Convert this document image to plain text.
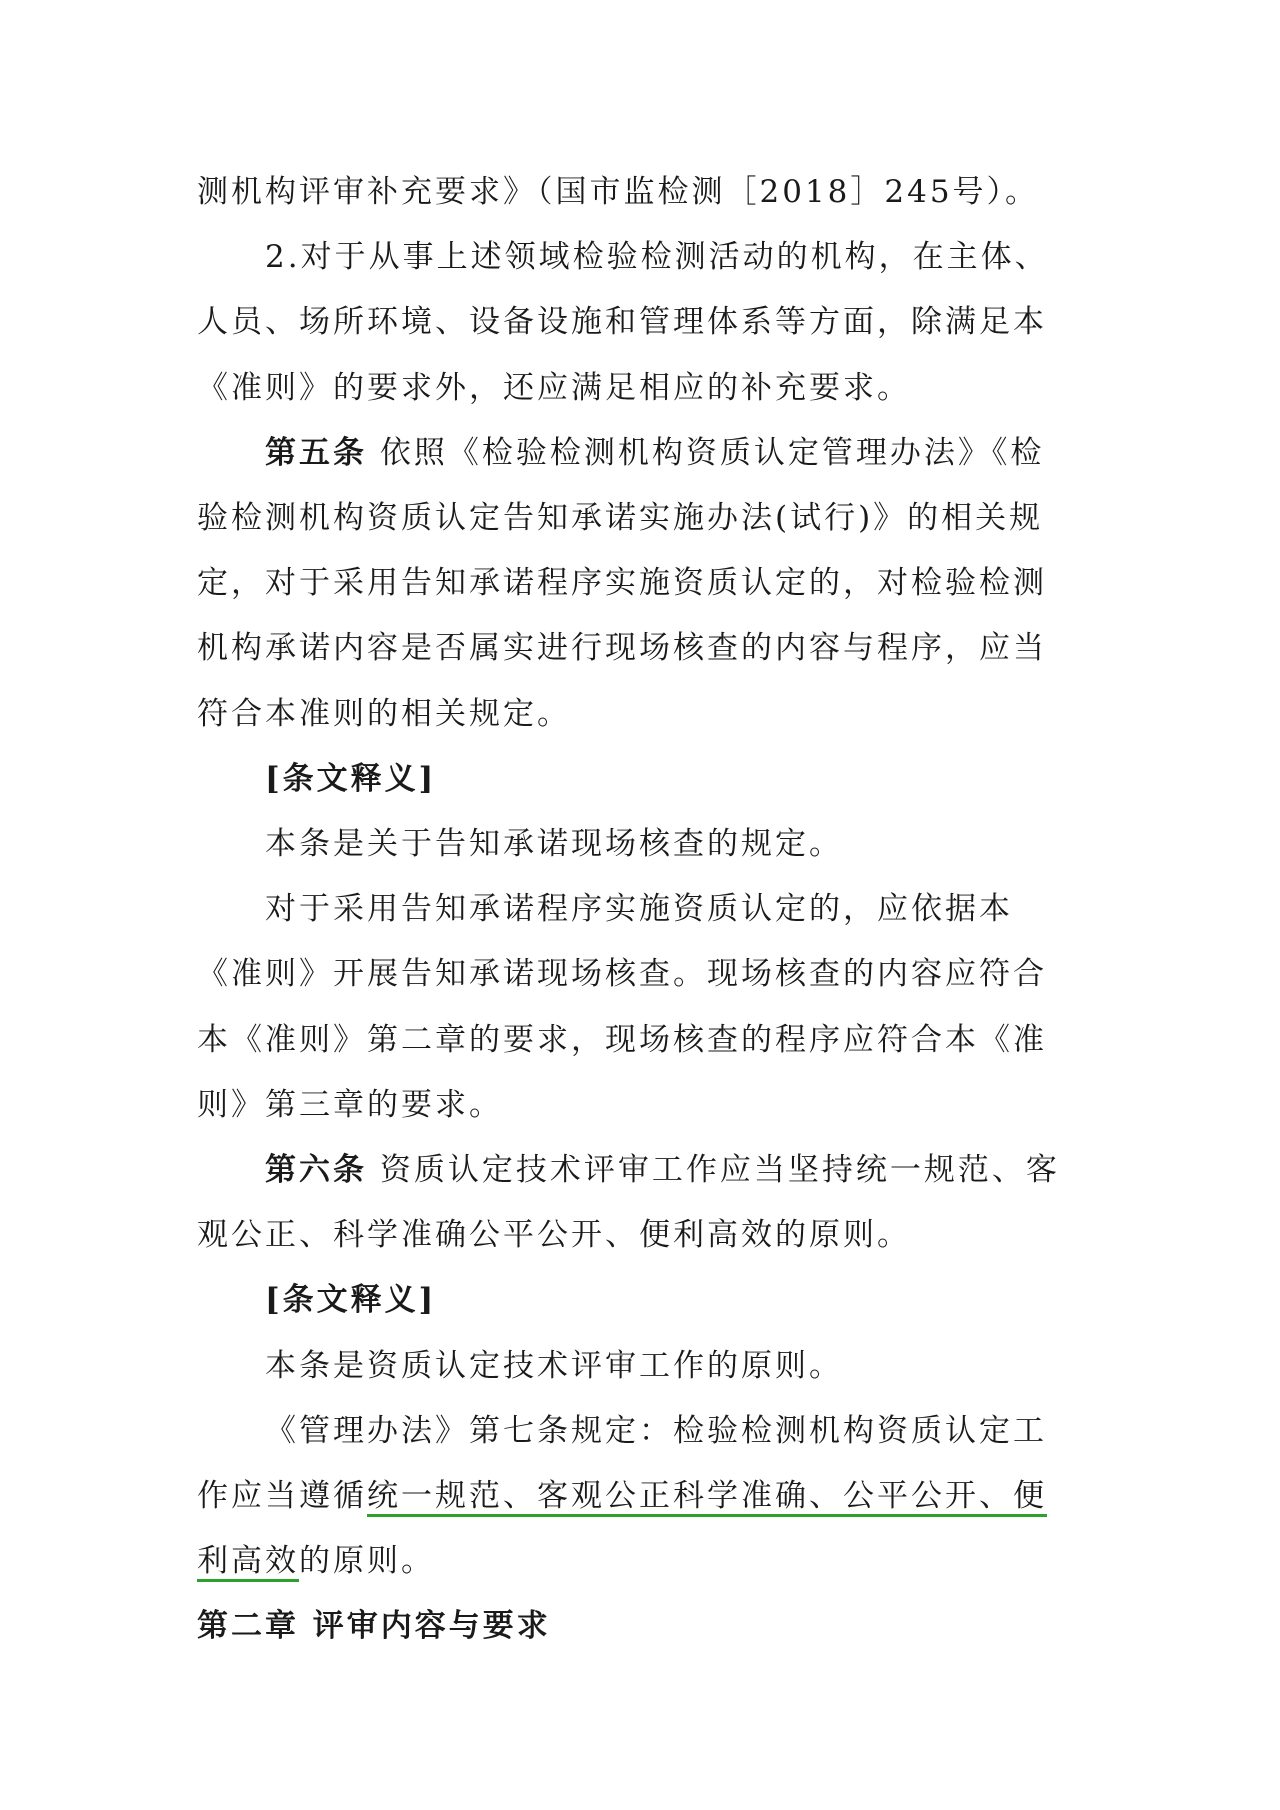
测机构评审补充要求》（国市监检测［2018］245号）。

2.对于从事上述领域检验检测活动的机构，在主体、人员、场所环境、设备设施和管理体系等方面，除满足本《准则》的要求外，还应满足相应的补充要求。

第五条 依照《检验检测机构资质认定管理办法》《检验检测机构资质认定告知承诺实施办法(试行)》的相关规定，对于采用告知承诺程序实施资质认定的，对检验检测机构承诺内容是否属实进行现场核查的内容与程序，应当符合本准则的相关规定。

[条文释义]

本条是关于告知承诺现场核查的规定。

对于采用告知承诺程序实施资质认定的，应依据本《准则》开展告知承诺现场核查。现场核查的内容应符合本《准则》第二章的要求，现场核查的程序应符合本《准则》第三章的要求。

第六条 资质认定技术评审工作应当坚持统一规范、客观公正、科学准确公平公开、便利高效的原则。

[条文释义]

本条是资质认定技术评审工作的原则。

《管理办法》第七条规定：检验检测机构资质认定工作应当遵循统一规范、客观公正科学准确、公平公开、便利高效的原则。

第二章 评审内容与要求
